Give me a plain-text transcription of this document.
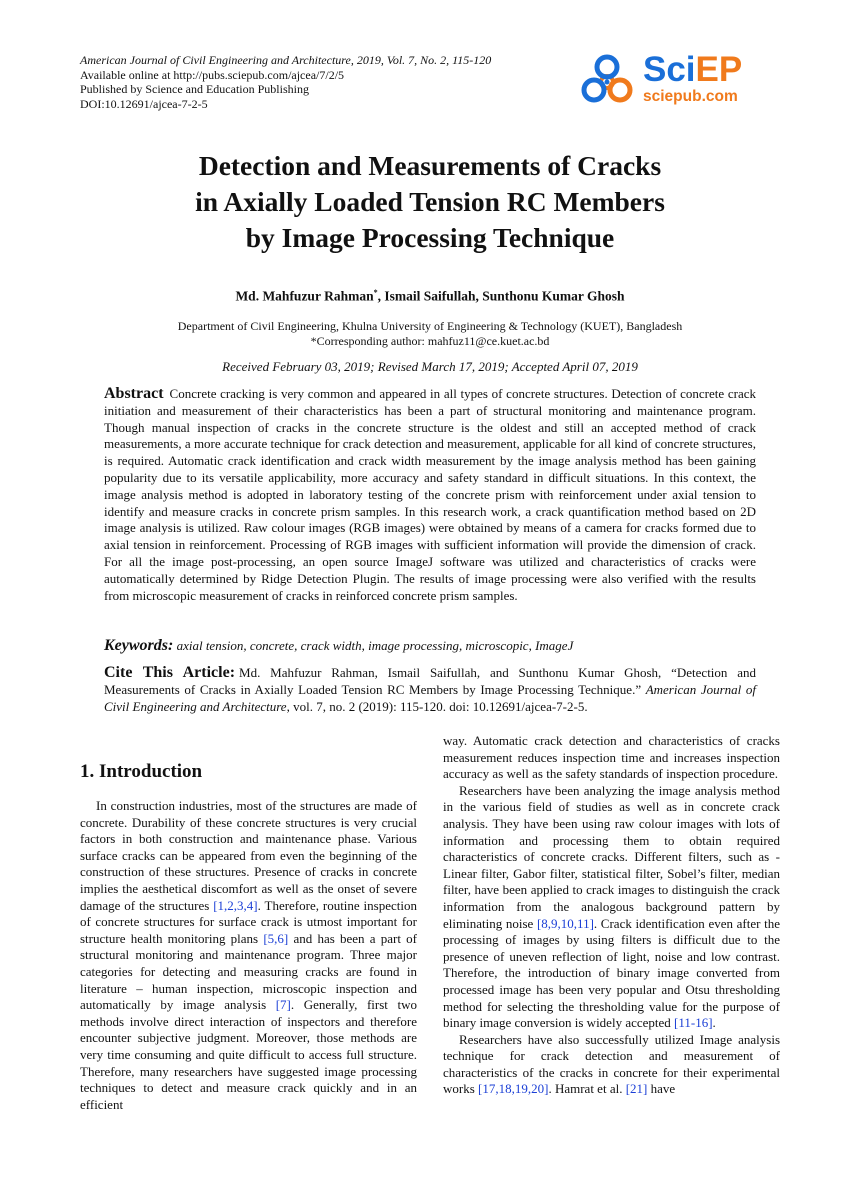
American Journal of Civil Engineering and Architecture, 2019, Vol. 7, No. 2, 115-120
Available online at http://pubs.sciepub.com/ajcea/7/2/5
Published by Science and Education Publishing
DOI:10.12691/ajcea-7-2-5
SciEP
sciepub.com
Detection and Measurements of Cracks
in Axially Loaded Tension RC Members
by Image Processing Technique
Md. Mahfuzur Rahman*, Ismail Saifullah, Sunthonu Kumar Ghosh
Department of Civil Engineering, Khulna University of Engineering & Technology (KUET), Bangladesh
*Corresponding author: mahfuz11@ce.kuet.ac.bd
Received February 03, 2019; Revised March 17, 2019; Accepted April 07, 2019
Abstract Concrete cracking is very common and appeared in all types of concrete structures. Detection of concrete crack initiation and measurement of their characteristics has been a part of structural monitoring and maintenance program. Though manual inspection of cracks in the concrete structure is the oldest and still an accepted method of crack measurements, a more accurate technique for crack detection and measurement, applicable for all kind of concrete structures, is required. Automatic crack identification and crack width measurement by the image analysis method has been gaining popularity due to its versatile applicability, more accuracy and safety standard in difficult situations. In this context, the image analysis method is adopted in laboratory testing of the concrete prism with reinforcement under axial tension to identify and measure cracks in concrete prism samples. In this research work, a crack quantification method based on 2D image analysis is utilized. Raw colour images (RGB images) were obtained by means of a camera for cracks formed due to axial tension in reinforcement. Processing of RGB images with sufficient information will provide the dimension of crack. For all the image post-processing, an open source ImageJ software was utilized and characteristics of cracks were automatically determined by Ridge Detection Plugin. The results of image processing were also verified with the results from microscopic measurement of cracks in reinforced concrete prism samples.
Keywords: axial tension, concrete, crack width, image processing, microscopic, ImageJ
Cite This Article: Md. Mahfuzur Rahman, Ismail Saifullah, and Sunthonu Kumar Ghosh, “Detection and Measurements of Cracks in Axially Loaded Tension RC Members by Image Processing Technique.” American Journal of Civil Engineering and Architecture, vol. 7, no. 2 (2019): 115-120. doi: 10.12691/ajcea-7-2-5.
1. Introduction

In construction industries, most of the structures are made of concrete. Durability of these concrete structures is very crucial factors in both construction and maintenance phase. Various surface cracks can be appeared from even the beginning of the construction of these structures. Presence of cracks in concrete implies the aesthetical discomfort as well as the onset of severe damage of the structures [1,2,3,4]. Therefore, routine inspection of concrete structures for surface crack is utmost important for structure health monitoring plans [5,6] and has been a part of structural monitoring and maintenance program. Three major categories for detecting and measuring cracks are found in literature – human inspection, microscopic inspection and automatically by image analysis [7]. Generally, first two methods involve direct interaction of inspectors and therefore encounter subjective judgment. Moreover, those methods are very time consuming and quite difficult to access full structure. Therefore, many researchers have suggested image processing techniques to detect and measure crack quickly and in an efficient

way. Automatic crack detection and characteristics of cracks measurement reduces inspection time and increases inspection accuracy as well as the safety standards of inspection procedure.

Researchers have been analyzing the image analysis method in the various field of studies as well as in concrete crack analysis. They have been using raw colour images with lots of information and processing them to obtain required characteristics of concrete cracks. Different filters, such as - Linear filter, Gabor filter, statistical filter, Sobel’s filter, median filter, have been applied to crack images to distinguish the crack information from the analogous background pattern by eliminating noise [8,9,10,11]. Crack identification even after the processing of images by using filters is difficult due to the presence of uneven reflection of light, noise and low contrast. Therefore, the introduction of binary image converted from processed image has been very popular and Otsu thresholding method for selecting the thresholding value for the purpose of binary image conversion is widely accepted [11-16].

Researchers have also successfully utilized Image analysis technique for crack detection and measurement of characteristics of the cracks in concrete for their experimental works [17,18,19,20]. Hamrat et al. [21] have
